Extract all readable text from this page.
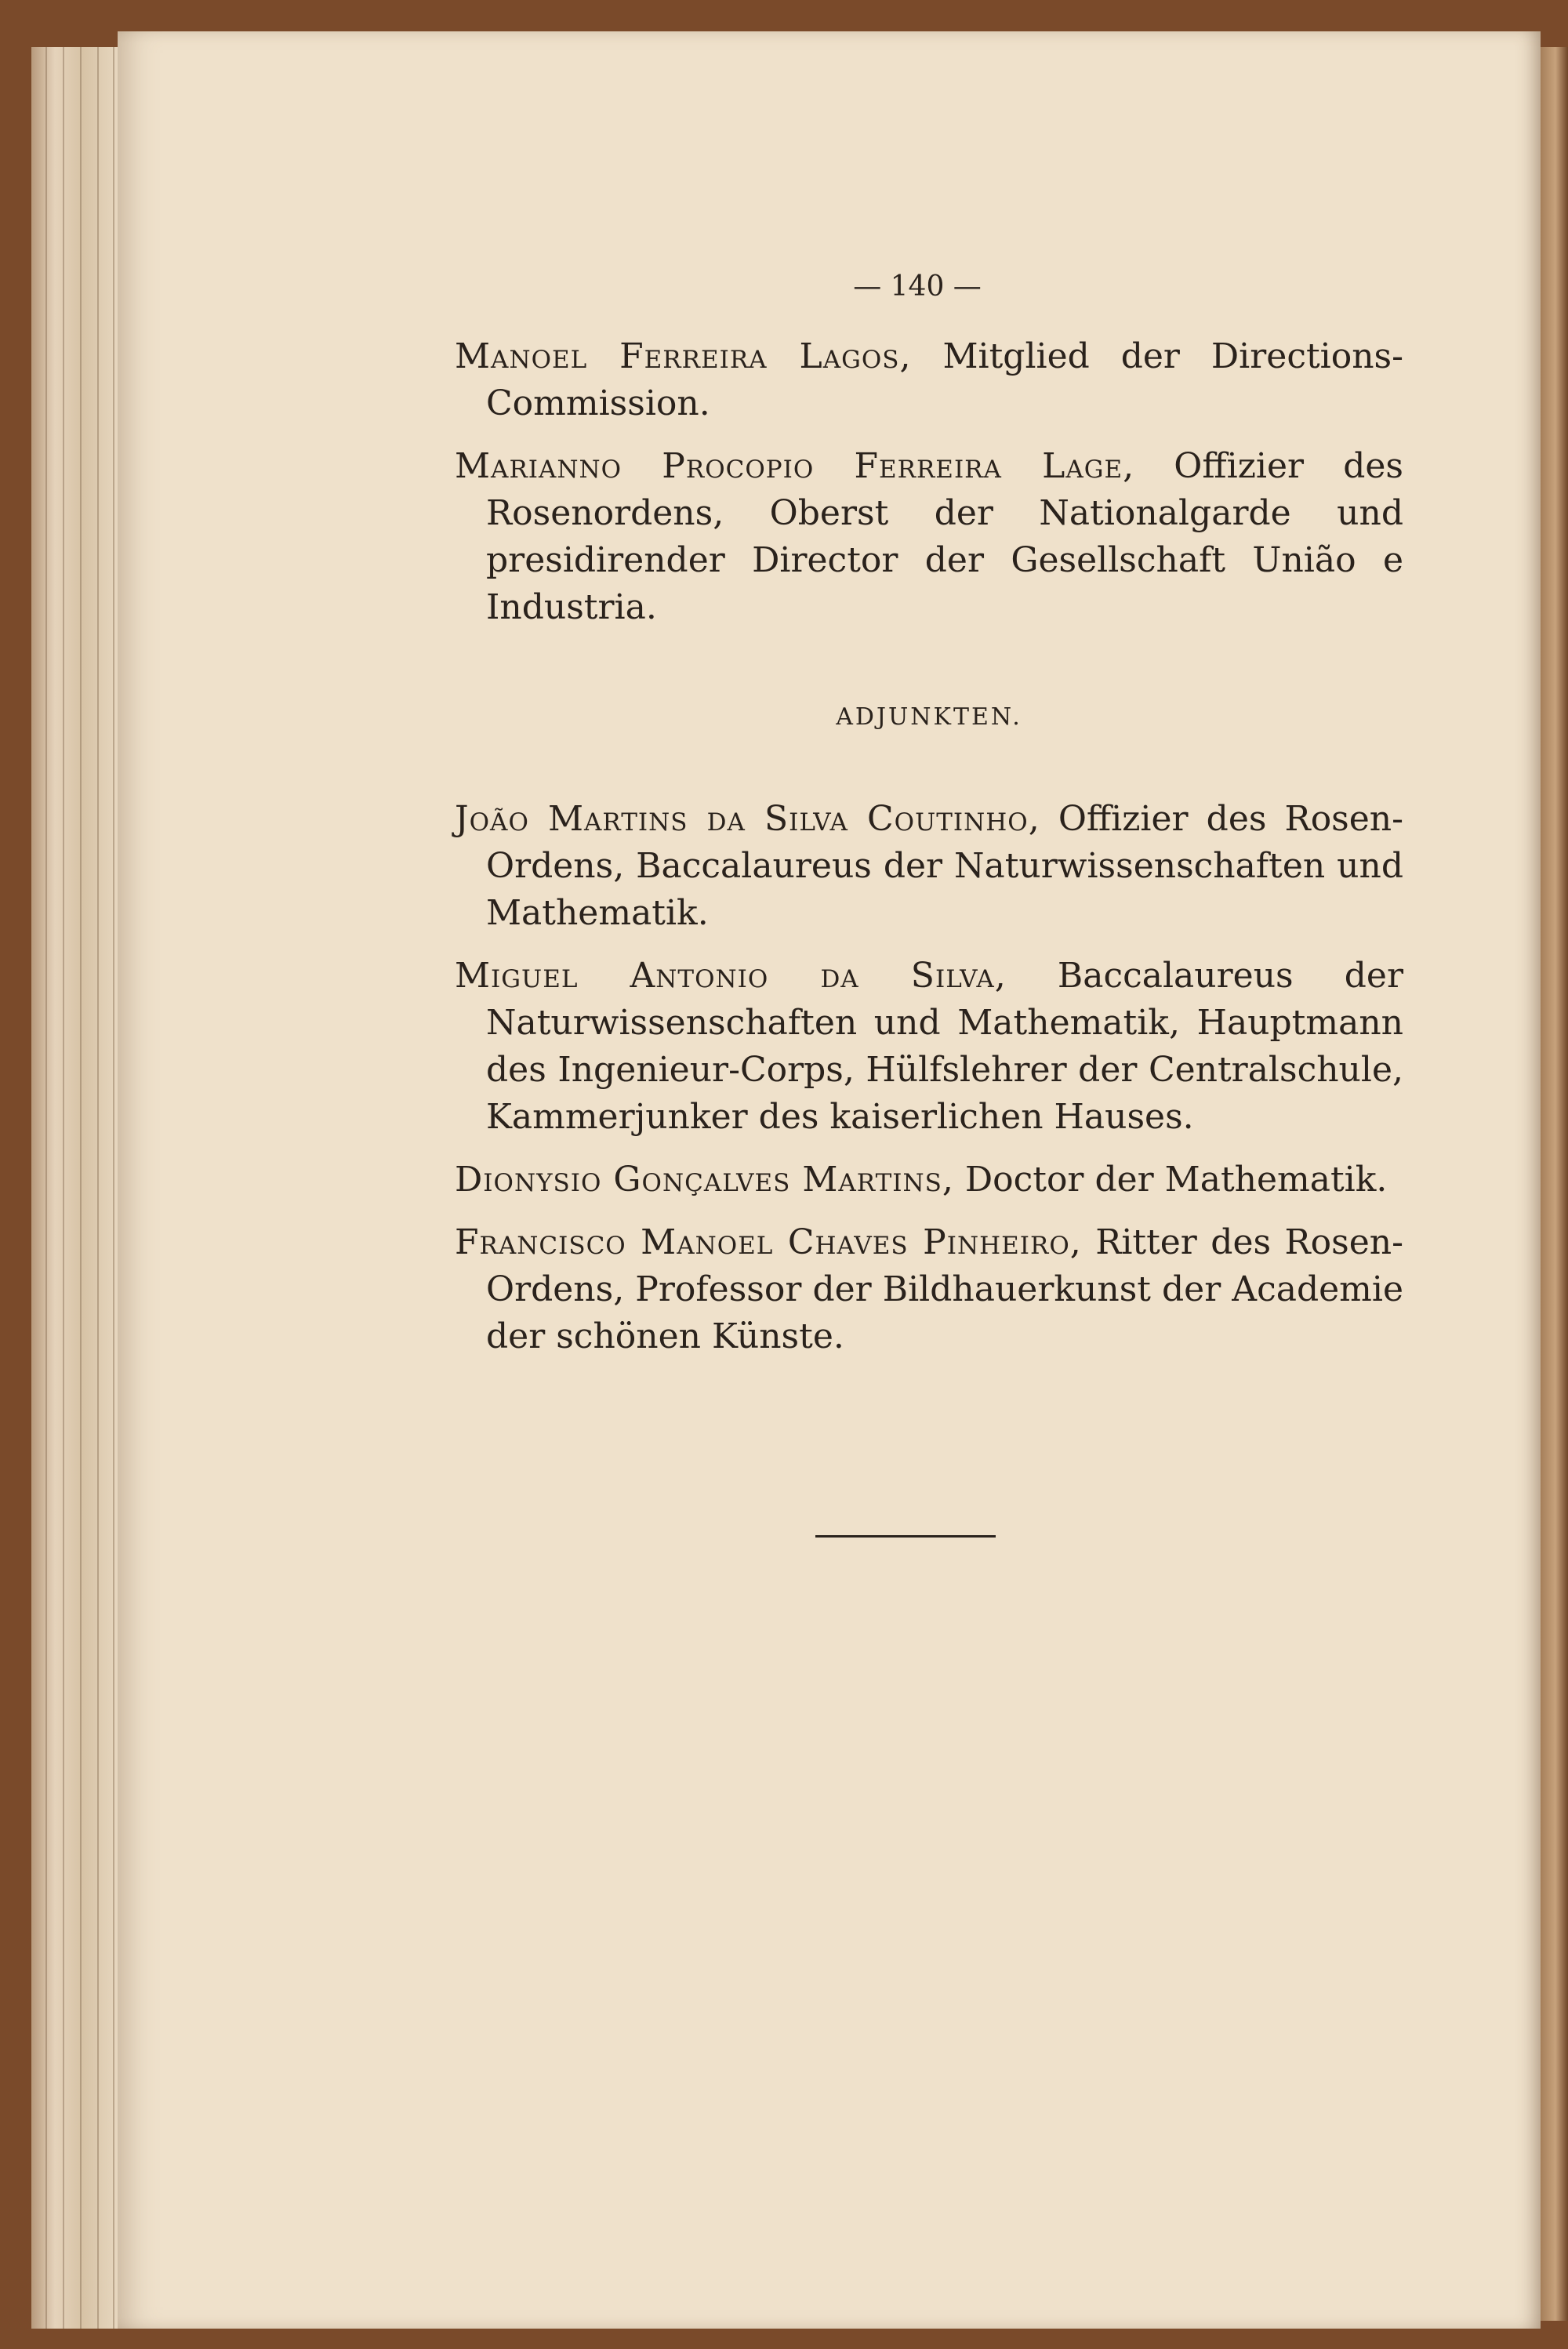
— 140 —

Manoel Ferreira Lagos, Mitglied der Directions-Commission.

Marianno Procopio Ferreira Lage, Offizier des Rosenordens, Oberst der Nationalgarde und presidirender Director der Gesellschaft União e Industria.

ADJUNKTEN.

João Martins da Silva Coutinho, Offizier des Rosen-Ordens, Baccalaureus der Naturwissenschaften und Mathematik.

Miguel Antonio da Silva, Baccalaureus der Naturwissenschaften und Mathematik, Hauptmann des Ingenieur-Corps, Hülfslehrer der Centralschule, Kammerjunker des kaiserlichen Hauses.

Dionysio Gonçalves Martins, Doctor der Mathematik.

Francisco Manoel Chaves Pinheiro, Ritter des Rosen-Ordens, Professor der Bildhauerkunst der Academie der schönen Künste.
